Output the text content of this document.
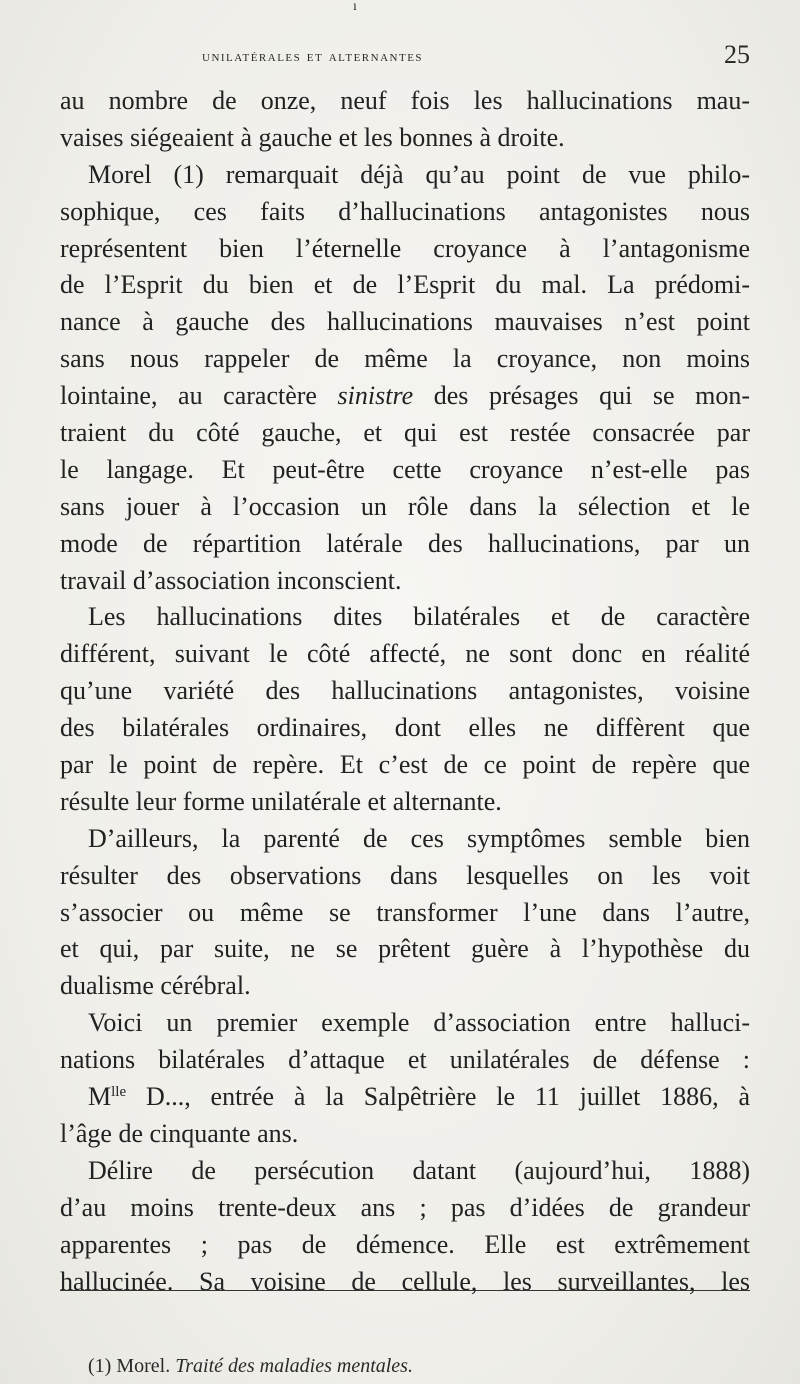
ı
unilatérales et alternantes	25
au nombre de onze, neuf fois les hallucinations mau-
vaises siégeaient à gauche et les bonnes à droite.
Morel (1) remarquait déjà qu’au point de vue philo-
sophique, ces faits d’hallucinations antagonistes nous
représentent bien l’éternelle croyance à l’antagonisme
de l’Esprit du bien et de l’Esprit du mal. La prédomi-
nance à gauche des hallucinations mauvaises n’est point
sans nous rappeler de même la croyance, non moins
lointaine, au caractère sinistre des présages qui se mon-
traient du côté gauche, et qui est restée consacrée par
le langage. Et peut-être cette croyance n’est-elle pas
sans jouer à l’occasion un rôle dans la sélection et le
mode de répartition latérale des hallucinations, par un
travail d’association inconscient.
Les hallucinations dites bilatérales et de caractère
différent, suivant le côté affecté, ne sont donc en réalité
qu’une variété des hallucinations antagonistes, voisine
des bilatérales ordinaires, dont elles ne diffèrent que
par le point de repère. Et c’est de ce point de repère que
résulte leur forme unilatérale et alternante.
D’ailleurs, la parenté de ces symptômes semble bien
résulter des observations dans lesquelles on les voit
s’associer ou même se transformer l’une dans l’autre,
et qui, par suite, ne se prêtent guère à l’hypothèse du
dualisme cérébral.
Voici un premier exemple d’association entre halluci-
nations bilatérales d’attaque et unilatérales de défense :
$M^{lle}$ D..., entrée à la Salpêtrière le 11 juillet 1886, à
l’âge de cinquante ans.
Délire de persécution datant (aujourd’hui, 1888)
d’au moins trente-deux ans ; pas d’idées de grandeur
apparentes ; pas de démence. Elle est extrêmement
hallucinée. Sa voisine de cellule, les surveillantes, les
(1) Morel. Traité des maladies mentales.
